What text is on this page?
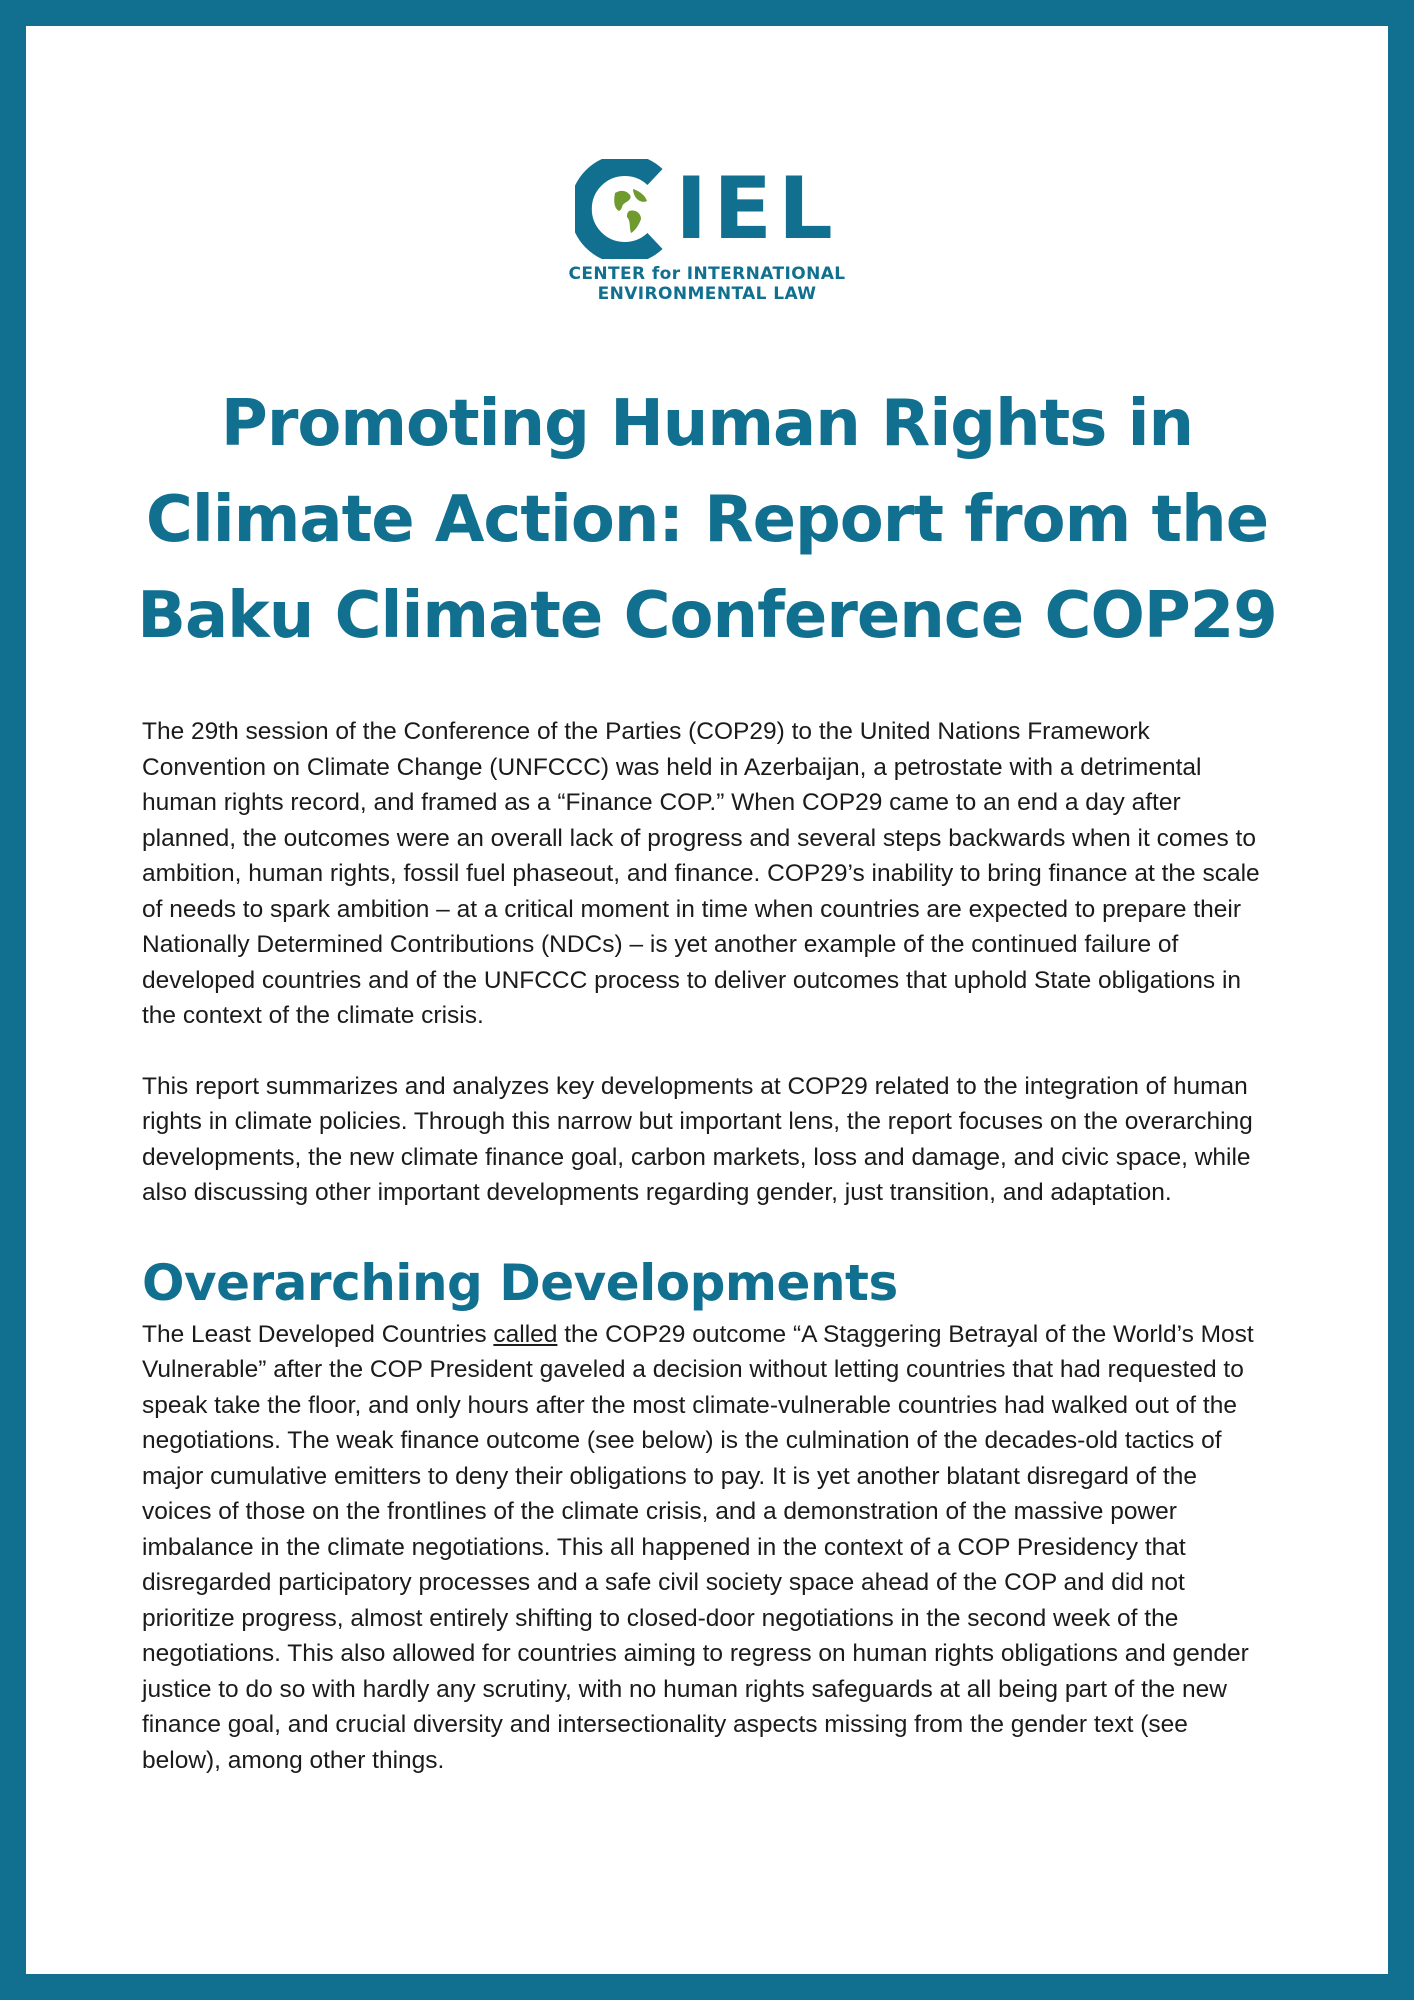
IEL
CENTER for INTERNATIONAL
ENVIRONMENTAL LAW
Promoting Human Rights in Climate Action: Report from the Baku Climate Conference COP29

The 29th session of the Conference of the Parties (COP29) to the United Nations Framework Convention on Climate Change (UNFCCC) was held in Azerbaijan, a petrostate with a detrimental human rights record, and framed as a “Finance COP.” When COP29 came to an end a day after planned, the outcomes were an overall lack of progress and several steps backwards when it comes to ambition, human rights, fossil fuel phaseout, and finance. COP29’s inability to bring finance at the scale of needs to spark ambition – at a critical moment in time when countries are expected to prepare their Nationally Determined Contributions (NDCs) – is yet another example of the continued failure of developed countries and of the UNFCCC process to deliver outcomes that uphold State obligations in the context of the climate crisis.

This report summarizes and analyzes key developments at COP29 related to the integration of human rights in climate policies. Through this narrow but important lens, the report focuses on the overarching developments, the new climate finance goal, carbon markets, loss and damage, and civic space, while also discussing other important developments regarding gender, just transition, and adaptation.

Overarching Developments

The Least Developed Countries called the COP29 outcome “A Staggering Betrayal of the World’s Most Vulnerable” after the COP President gaveled a decision without letting countries that had requested to speak take the floor, and only hours after the most climate-vulnerable countries had walked out of the negotiations. The weak finance outcome (see below) is the culmination of the decades-old tactics of major cumulative emitters to deny their obligations to pay. It is yet another blatant disregard of the voices of those on the frontlines of the climate crisis, and a demonstration of the massive power imbalance in the climate negotiations. This all happened in the context of a COP Presidency that disregarded participatory processes and a safe civil society space ahead of the COP and did not prioritize progress, almost entirely shifting to closed-door negotiations in the second week of the negotiations. This also allowed for countries aiming to regress on human rights obligations and gender justice to do so with hardly any scrutiny, with no human rights safeguards at all being part of the new finance goal, and crucial diversity and intersectionality aspects missing from the gender text (see below), among other things.
